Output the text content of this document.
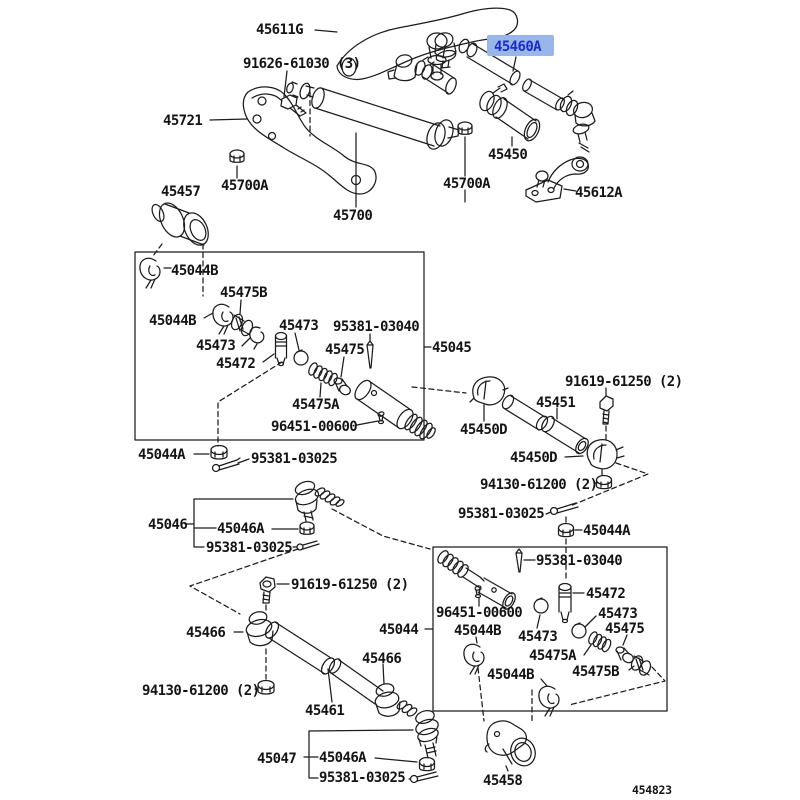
45611G
91626-61030 (3)
45460A
45721
45700A
45457
45450
45700A
45612A
45700
45044B
45475B
45044B	45473 95381-03040
45473	45475
45472
45045
45475A
96451-00600
45044A	95381-03025
91619-61250 (2)
45451
45450D
45450D
94130-61200 (2)
95381-03025
45044A
45046 45046A
95381-03025
95381-03040
96451-00600
45472
45473
45473
45475
45475A
45475B
45044B
45044B
45044
91619-61250 (2)
45466
45466
94130-61200 (2)
45461
45047 45046A
95381-03025	45458
454823
